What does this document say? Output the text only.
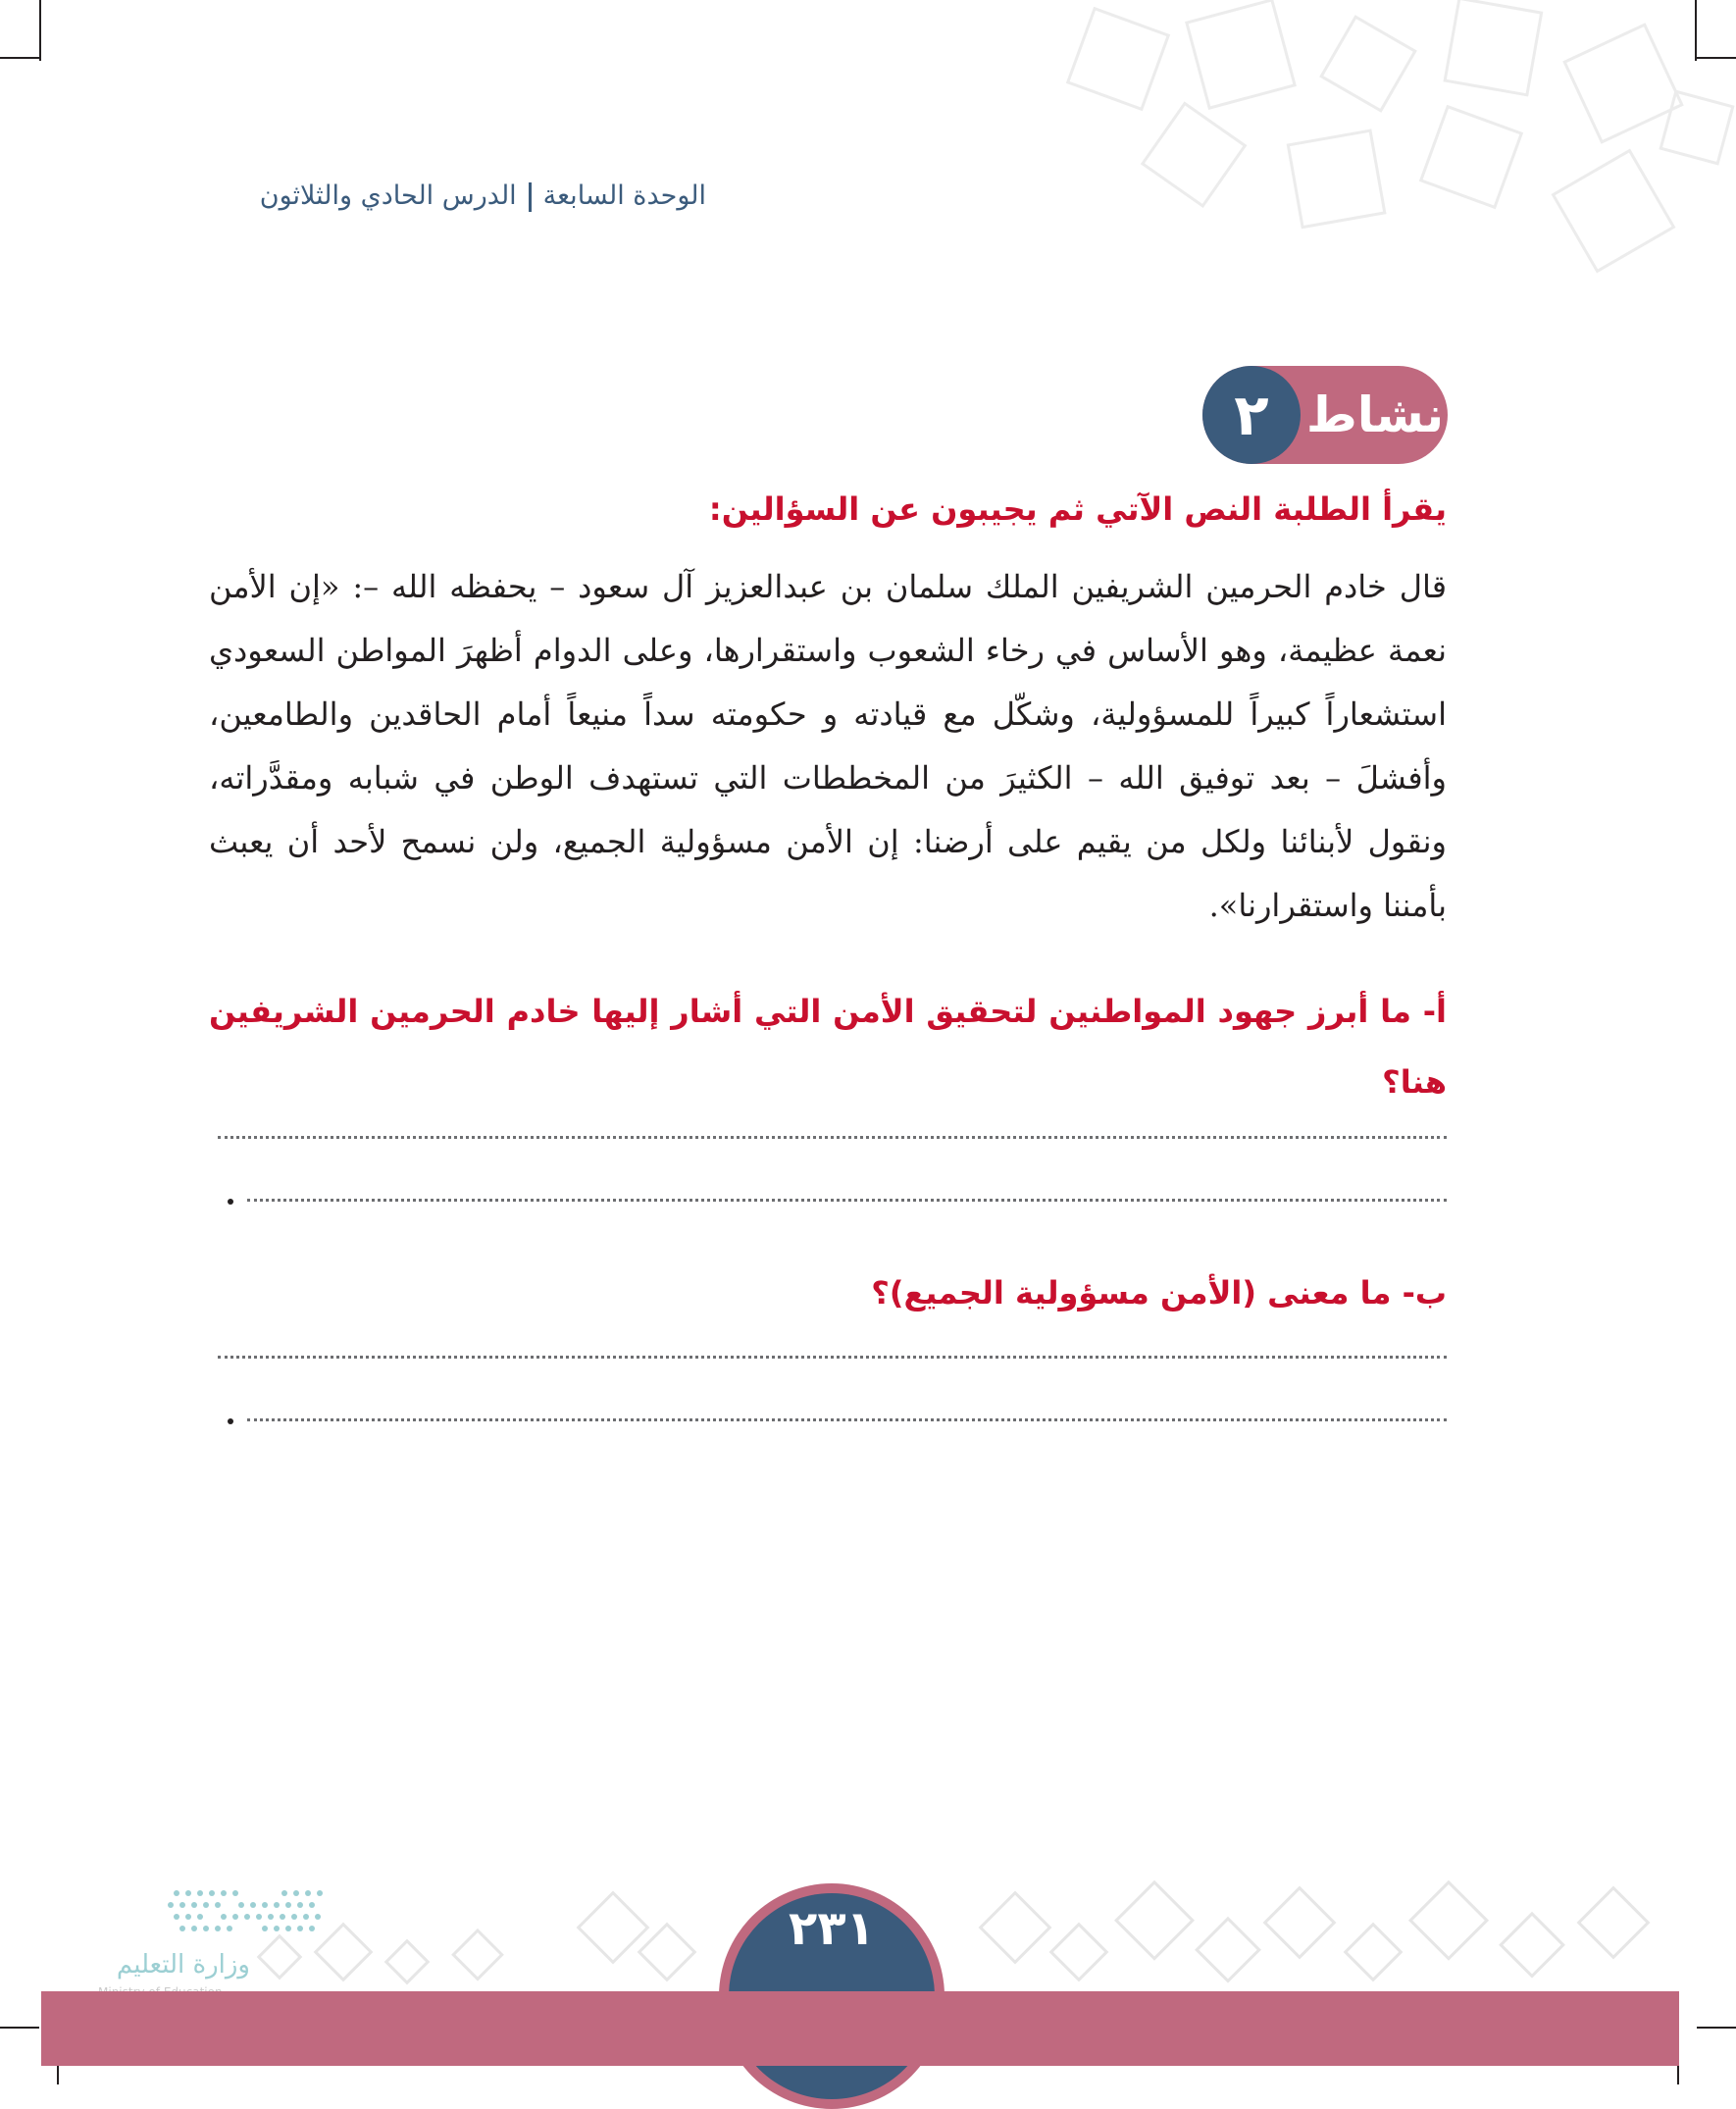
الوحدة السابعةالدرس الحادي والثلاثون
٢ نشاط
يقرأ الطلبة النص الآتي ثم يجيبون عن السؤالين:
قال خادم الحرمين الشريفين الملك سلمان بن عبدالعزيز آل سعود – يحفظه الله –: «إن الأمن نعمة عظيمة، وهو الأساس في رخاء الشعوب واستقرارها، وعلى الدوام أظهرَ المواطن السعودي استشعاراً كبيراً للمسؤولية، وشكّل مع قيادته و حكومته سداً منيعاً أمام الحاقدين والطامعين، وأفشلَ – بعد توفيق الله – الكثيرَ من المخططات التي تستهدف الوطن في شبابه ومقدَّراته، ونقول لأبنائنا ولكل من يقيم على أرضنا: إن الأمن مسؤولية الجميع، ولن نسمح لأحد أن يعبث بأمننا واستقرارنا».
أ- ما أبرز جهود المواطنين لتحقيق الأمن التي أشار إليها خادم الحرمين الشريفين هنا؟
ب- ما معنى (الأمن مسؤولية الجميع)؟
وزارة التعليم
٢٣١
